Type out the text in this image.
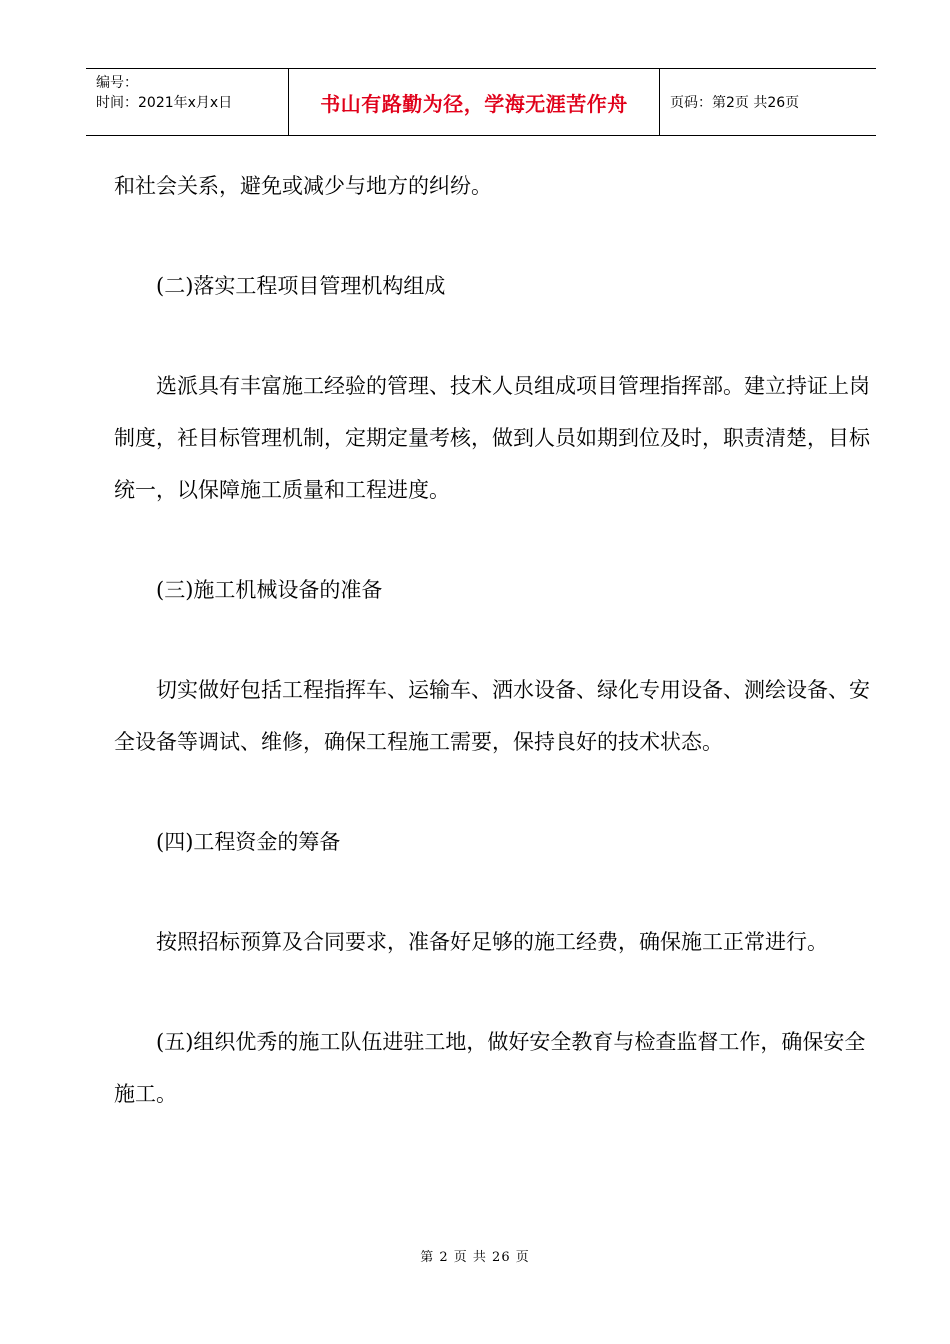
编号：
时间：2021年x月x日	书山有路勤为径，学海无涯苦作舟	页码：第2页 共26页

和社会关系，避免或减少与地方的纠纷。

(二)落实工程项目管理机构组成

选派具有丰富施工经验的管理、技术人员组成项目管理指挥部。建立持证上岗制度，衽目标管理机制，定期定量考核，做到人员如期到位及时，职责清楚，目标统一，以保障施工质量和工程进度。

(三)施工机械设备的准备

切实做好包括工程指挥车、运输车、洒水设备、绿化专用设备、测绘设备、安全设备等调试、维修，确保工程施工需要，保持良好的技术状态。

(四)工程资金的筹备

按照招标预算及合同要求，准备好足够的施工经费，确保施工正常进行。

(五)组织优秀的施工队伍进驻工地，做好安全教育与检查监督工作，确保安全施工。

第 2 页 共 26 页
